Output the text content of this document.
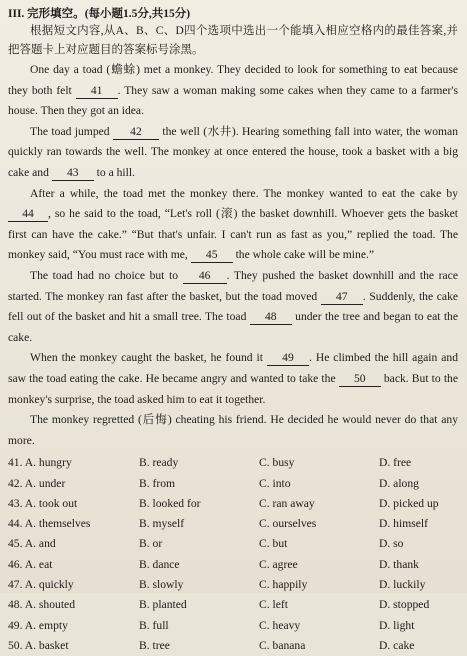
III. 完形填空。(每小题1.5分,共15分)
根据短文内容,从A、B、C、D四个选项中选出一个能填入相应空格内的最佳答案,并把答题卡上对应题目的答案标号涂黑。

One day a toad (蟾蜍) met a monkey. They decided to look for something to eat because they both felt 41 . They saw a woman making some cakes when they came to a farmer's house. Then they got an idea.

The toad jumped 42 the well (水井). Hearing something fall into water, the woman quickly ran towards the well. The monkey at once entered the house, took a basket with a big cake and 43 to a hill.

After a while, the toad met the monkey there. The monkey wanted to eat the cake by 44 , so he said to the toad, “Let's roll (滚) the basket downhill. Whoever gets the basket first can have the cake.” “But that's unfair. I can't run as fast as you,” replied the toad. The monkey said, “You must race with me, 45 the whole cake will be mine.”

The toad had no choice but to 46 . They pushed the basket downhill and the race started. The monkey ran fast after the basket, but the toad moved 47 . Suddenly, the cake fell out of the basket and hit a small tree. The toad 48 under the tree and began to eat the cake.

When the monkey caught the basket, he found it 49 . He climbed the hill again and saw the toad eating the cake. He became angry and wanted to take the 50 back. But to the monkey's surprise, the toad asked him to eat it together.

The monkey regretted (后悔) cheating his friend. He decided he would never do that any more.

41. A. hungry	B. ready	C. busy	D. free
42. A. under	B. from	C. into	D. along
43. A. took out	B. looked for	C. ran away	D. picked up
44. A. themselves	B. myself	C. ourselves	D. himself
45. A. and	B. or	C. but	D. so
46. A. eat	B. dance	C. agree	D. thank
47. A. quickly	B. slowly	C. happily	D. luckily
48. A. shouted	B. planted	C. left	D. stopped
49. A. empty	B. full	C. heavy	D. light
50. A. basket	B. tree	C. banana	D. cake
